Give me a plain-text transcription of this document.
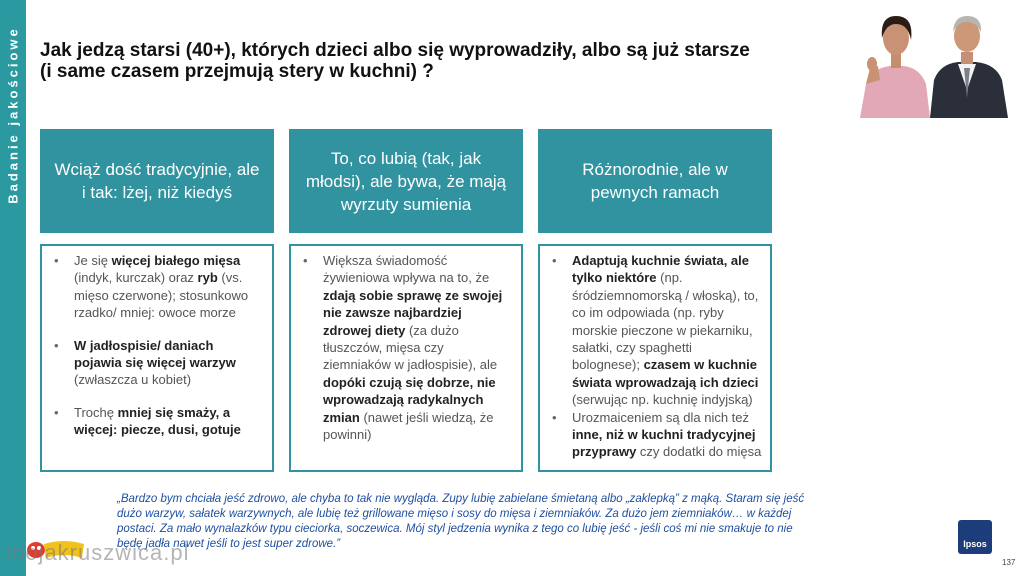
Badanie jakościowe Jak jedzą starsi (40+), których dzieci albo się wyprowadziły, albo są już starsze
(i same czasem przejmują stery w kuchni) ?
Wciąż dość tradycyjnie, ale i tak: lżej, niż kiedyś
To, co lubią (tak, jak młodsi), ale bywa, że mają wyrzuty sumienia
Różnorodnie, ale w pewnych ramach
• Je się więcej białego mięsa (indyk, kurczak) oraz ryb (vs. mięso czerwone); stosunkowo rzadko/ mniej: owoce morze
• W jadłospisie/ daniach pojawia się więcej warzyw (zwłaszcza u kobiet)
• Trochę mniej się smaży, a więcej: piecze, dusi, gotuje
• Większa świadomość żywieniowa wpływa na to, że zdają sobie sprawę ze swojej nie zawsze najbardziej zdrowej diety (za dużo tłuszczów, mięsa czy ziemniaków w jadłospisie), ale dopóki czują się dobrze, nie wprowadzają radykalnych zmian (nawet jeśli wiedzą, że powinni)
• Adaptują kuchnie świata, ale tylko niektóre (np. śródziemnomorską / włoską), to, co im odpowiada (np. ryby morskie pieczone w piekarniku, sałatki, czy spaghetti bolognese); czasem w kuchnie świata wprowadzają ich dzieci (serwując np. kuchnię indyjską)
• Urozmaiceniem są dla nich też inne, niż w kuchni tradycyjnej przyprawy czy dodatki do mięsa

„Bardzo bym chciała jeść zdrowo, ale chyba to tak nie wygląda. Zupy lubię zabielane śmietaną albo „zaklepką” z mąką. Staram się jeść dużo warzyw, sałatek warzywnych, ale lubię też grillowane mięso i sosy do mięsa i ziemniaków. Za dużo jem ziemniaków… w każdej postaci. Za mało wynalazków typu cieciorka, soczewica. Mój styl jedzenia wynika z tego co lubię jeść - jeśli coś mi nie smakuje to nie będę jadła nawet jeśli to jest super zdrowe.”

mojakruszwica.pl	Ipsos
137
